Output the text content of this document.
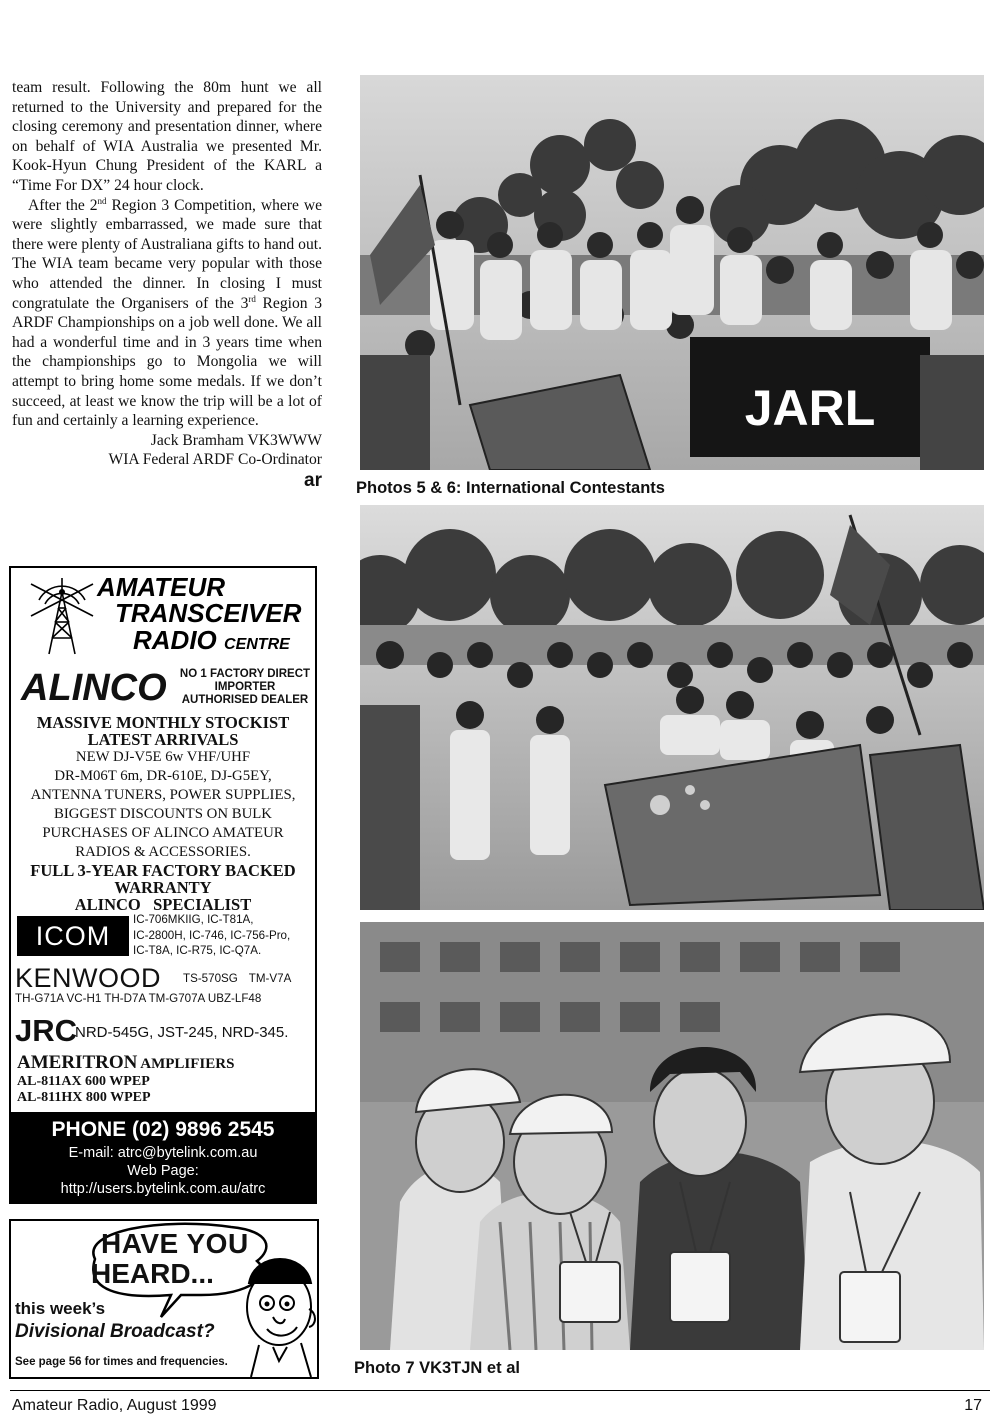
team result. Following the 80m hunt we all returned to the University and prepared for the closing ceremony and presentation dinner, where on behalf of WIA Australia we presented Mr. Kook-Hyun Chung President of the KARL a “Time For DX” 24 hour clock.

After the 2nd Region 3 Competition, where we were slightly embarrassed, we made sure that there were plenty of Australiana gifts to hand out. The WIA team became very popular with those who attended the dinner. In closing I must congratulate the Organisers of the 3rd Region 3 ARDF Championships on a job well done. We all had a wonderful time and in 3 years time when the championships go to Mongolia we will attempt to bring home some medals. If we don’t succeed, at least we know the trip will be a lot of fun and certainly a learning experience.

Jack Bramham VK3WWW
WIA Federal ARDF Co-Ordinator
ar
AMATEUR
TRANSCEIVER
RADIO CENTRE
ALINCO NO 1 FACTORY DIRECT
IMPORTER
AUTHORISED DEALER
MASSIVE MONTHLY STOCKIST
LATEST ARRIVALS
NEW DJ-V5E 6w VHF/UHF
DR-M06T 6m, DR-610E, DJ-G5EY,
ANTENNA TUNERS, POWER SUPPLIES,
BIGGEST DISCOUNTS ON BULK
PURCHASES OF ALINCO AMATEUR
RADIOS & ACCESSORIES.
FULL 3-YEAR FACTORY BACKED
WARRANTY
ALINCO   SPECIALIST
ICOM
IC-706MKIIG, IC-T81A,
IC-2800H, IC-746, IC-756-Pro,
IC-T8A, IC-R75, IC-Q7A.
KENWOOD TS-570SG TM-V7A
TH-G71A VC-H1 TH-D7A TM-G707A UBZ-LF48
JRC
NRD-545G, JST-245, NRD-345.
AMERITRON AMPLIFIERS
AL-811AX 600 WPEP
AL-811HX 800 WPEP
PHONE (02) 9896 2545
E-mail: atrc@bytelink.com.au
Web Page:
http://users.bytelink.com.au/atrc
HAVE YOU
HEARD...
this week’s
Divisional Broadcast?
See page 56 for times and frequencies.
JARL
Photos 5 & 6: International Contestants
Photo 7 VK3TJN et al
Amateur Radio, August 1999	17
